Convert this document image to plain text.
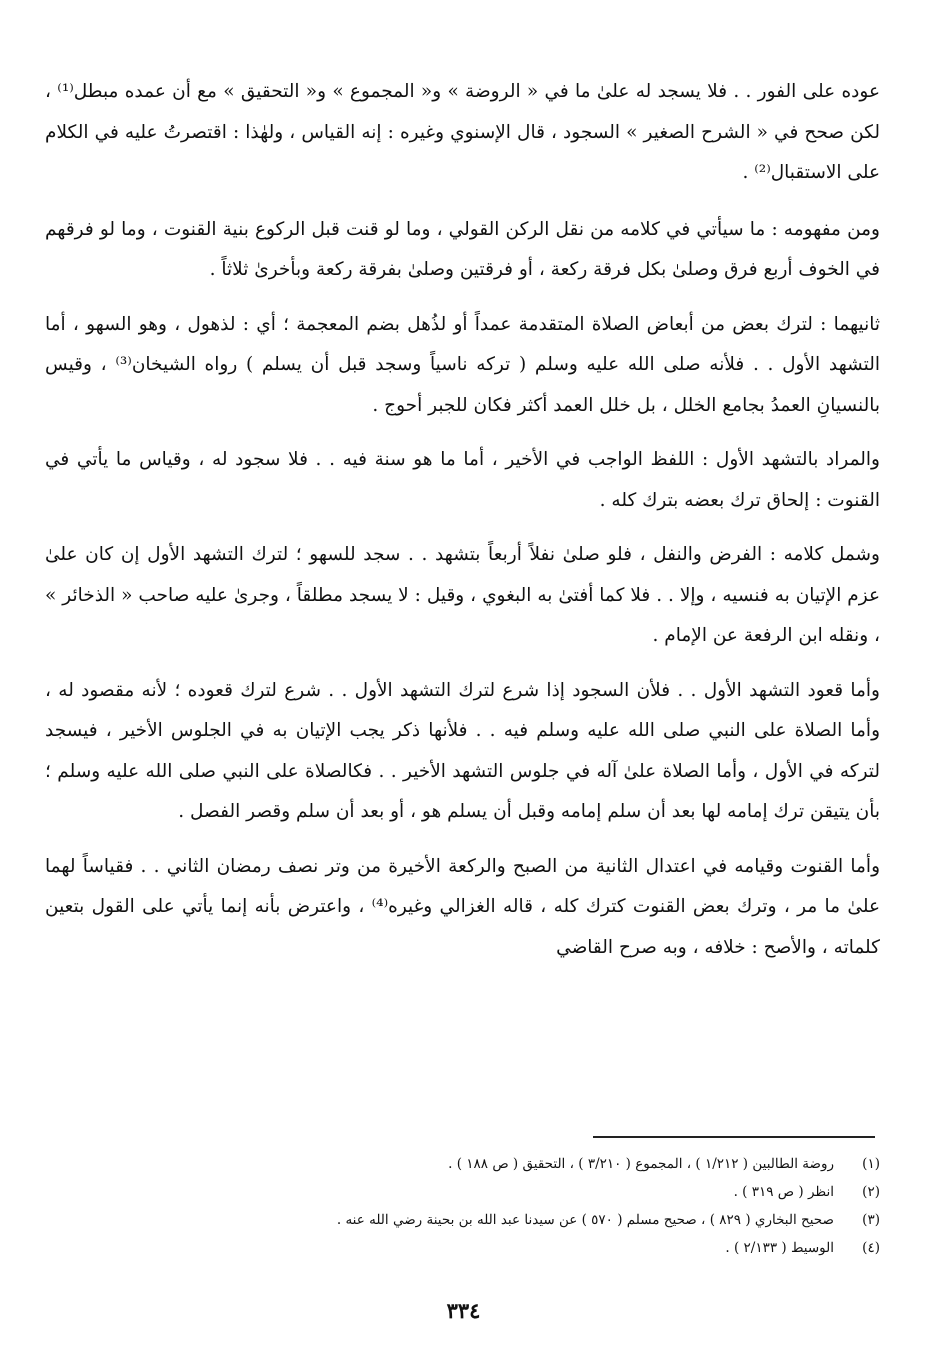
عوده على الفور . . فلا يسجد له علىٰ ما في « الروضة » و« المجموع » و« التحقيق » مع أن عمده مبطل⁽¹⁾ ، لكن صحح في « الشرح الصغير » السجود ، قال الإسنوي وغيره : إنه القياس ، ولهٰذا : اقتصرتُ عليه في الكلام على الاستقبال⁽²⁾ .

ومن مفهومه : ما سيأتي في كلامه من نقل الركن القولي ، وما لو قنت قبل الركوع بنية القنوت ، وما لو فرقهم في الخوف أربع فرق وصلىٰ بكل فرقة ركعة ، أو فرقتين وصلىٰ بفرقة ركعة وبأخرىٰ ثلاثاً .

ثانيهما : لترك بعض من أبعاض الصلاة المتقدمة عمداً أو لذُهل بضم المعجمة ؛ أي : لذهول ، وهو السهو ، أما التشهد الأول . . فلأنه صلى الله عليه وسلم ( تركه ناسياً وسجد قبل أن يسلم ) رواه الشيخان⁽³⁾ ، وقيس بالنسيانِ العمدُ بجامع الخلل ، بل خلل العمد أكثر فكان للجبر أحوج .

والمراد بالتشهد الأول : اللفظ الواجب في الأخير ، أما ما هو سنة فيه . . فلا سجود له ، وقياس ما يأتي في القنوت : إلحاق ترك بعضه بترك كله .

وشمل كلامه : الفرض والنفل ، فلو صلىٰ نفلاً أربعاً بتشهد . . سجد للسهو ؛ لترك التشهد الأول إن كان علىٰ عزم الإتيان به فنسيه ، وإلا . . فلا كما أفتىٰ به البغوي ، وقيل : لا يسجد مطلقاً ، وجرىٰ عليه صاحب « الذخائر » ، ونقله ابن الرفعة عن الإمام .

وأما قعود التشهد الأول . . فلأن السجود إذا شرع لترك التشهد الأول . . شرع لترك قعوده ؛ لأنه مقصود له ، وأما الصلاة على النبي صلى الله عليه وسلم فيه . . فلأنها ذكر يجب الإتيان به في الجلوس الأخير ، فيسجد لتركه في الأول ، وأما الصلاة علىٰ آله في جلوس التشهد الأخير . . فكالصلاة على النبي صلى الله عليه وسلم ؛ بأن يتيقن ترك إمامه لها بعد أن سلم إمامه وقبل أن يسلم هو ، أو بعد أن سلم وقصر الفصل .

وأما القنوت وقيامه في اعتدال الثانية من الصبح والركعة الأخيرة من وتر نصف رمضان الثاني . . فقياساً لهما علىٰ ما مر ، وترك بعض القنوت كترك كله ، قاله الغزالي وغيره⁽⁴⁾ ، واعترض بأنه إنما يأتي على القول بتعين كلماته ، والأصح : خلافه ، وبه صرح القاضي

(١)
روضة الطالبين ( ١/٢١٢ ) ، المجموع ( ٣/٢١٠ ) ، التحقيق ( ص ١٨٨ ) .
(٢)
انظر ( ص ٣١٩ ) .
(٣)
صحيح البخاري ( ٨٢٩ ) ، صحيح مسلم ( ٥٧٠ ) عن سيدنا عبد الله بن بحينة رضي الله عنه .
(٤)
الوسيط ( ٢/١٣٣ ) .
٣٣٤
